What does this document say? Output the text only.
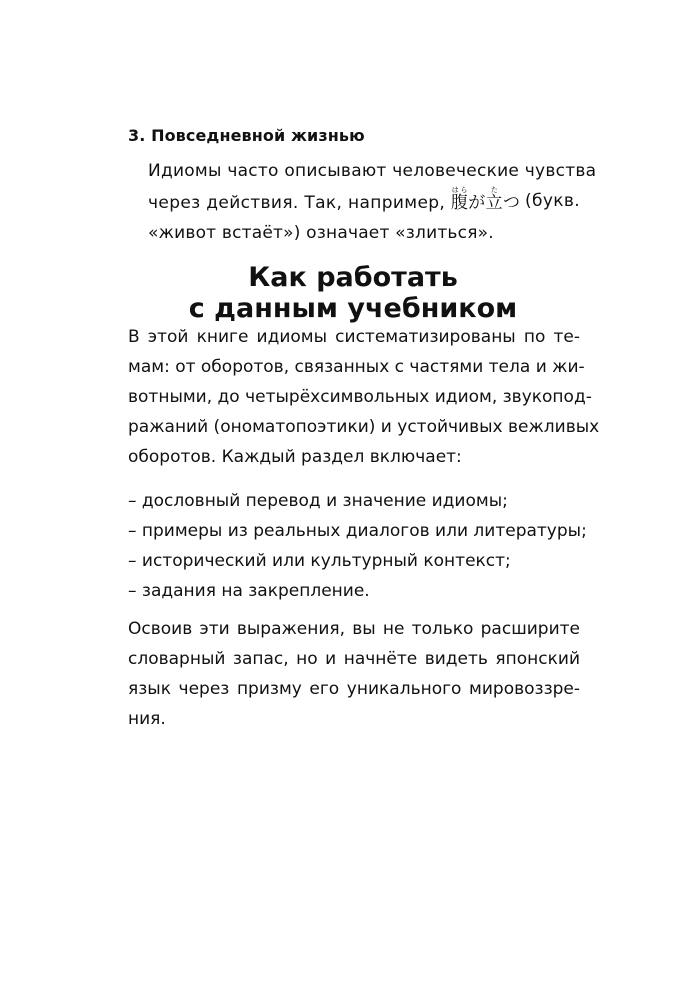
3. Повседневной жизнью
Идиомы часто описывают человеческие чувства
через действия. Так, например, 腹はらが立たつ (букв.
«живот встаёт») означает «злиться».
Как работать
с данным учебником
В этой книге идиомы систематизированы по те-
мам: от оборотов, связанных с частями тела и жи-
вотными, до четырёхсимвольных идиом, звукопод-
ражаний (ономатопоэтики) и устойчивых вежливых
оборотов. Каждый раздел включает:
– дословный перевод и значение идиомы;
– примеры из реальных диалогов или литературы;
– исторический или культурный контекст;
– задания на закрепление.
Освоив эти выражения, вы не только расширите
словарный запас, но и начнёте видеть японский
язык через призму его уникального мировоззре-
ния.
